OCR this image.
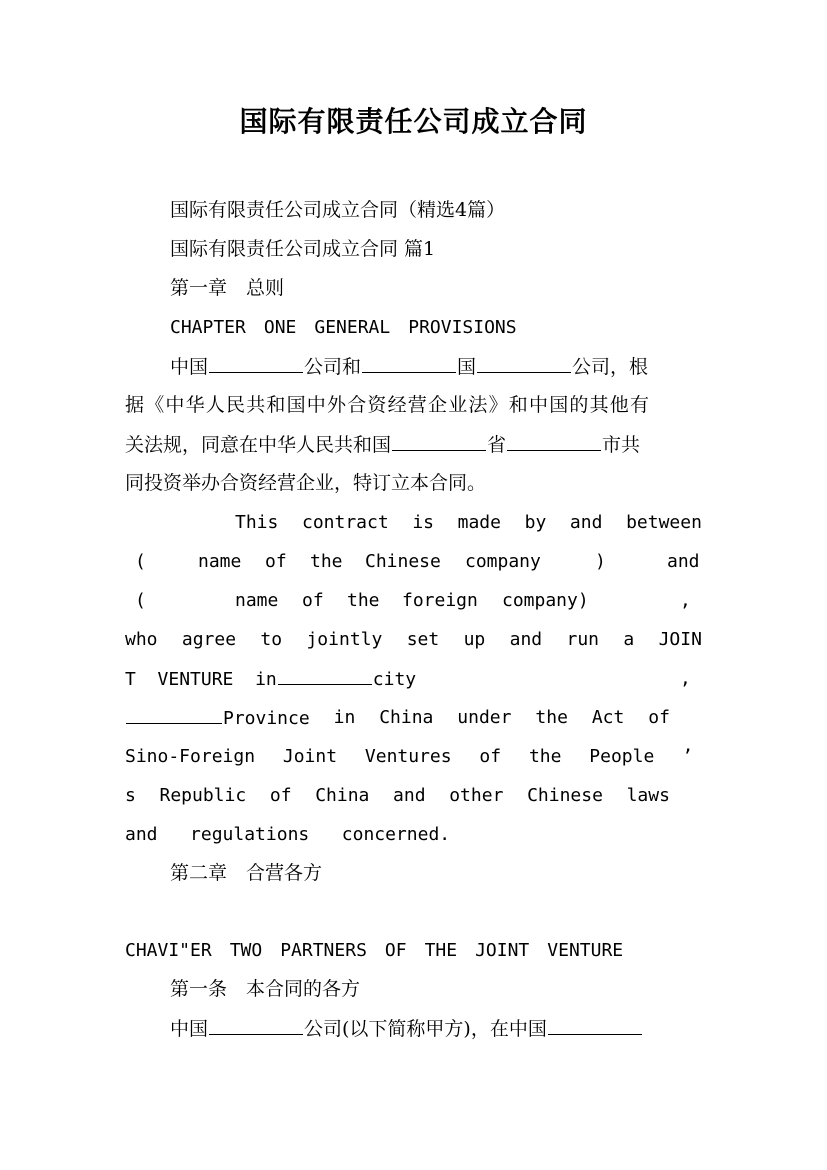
国际有限责任公司成立合同
国际有限责任公司成立合同（精选4篇）
国际有限责任公司成立合同 篇1
第一章　总则
CHAPTER　ONE　GENERAL　PROVISIONS
中国	公司和	国	公司，根
据《中华人民共和国中外合资经营企业法》和中国的其他有
关法规，同意在中华人民共和国	省	市共
同投资举办合资经营企业，特订立本合同。
This contract is made by and between
(	name of the Chinese company	)	and
(	name of the foreign company)	,
who agree to jointly set up and run a JOIN
T VENTURE in	city	,
Province in China under the Act of
Sino-Foreign Joint Ventures of the People ’
s Republic of China and other Chinese laws
and regulations concerned.
第二章　合营各方
CHAVI"ER　TWO　PARTNERS　OF　THE　JOINT　VENTURE
第一条　本合同的各方
中国	公司(以下简称甲方)，在中国
